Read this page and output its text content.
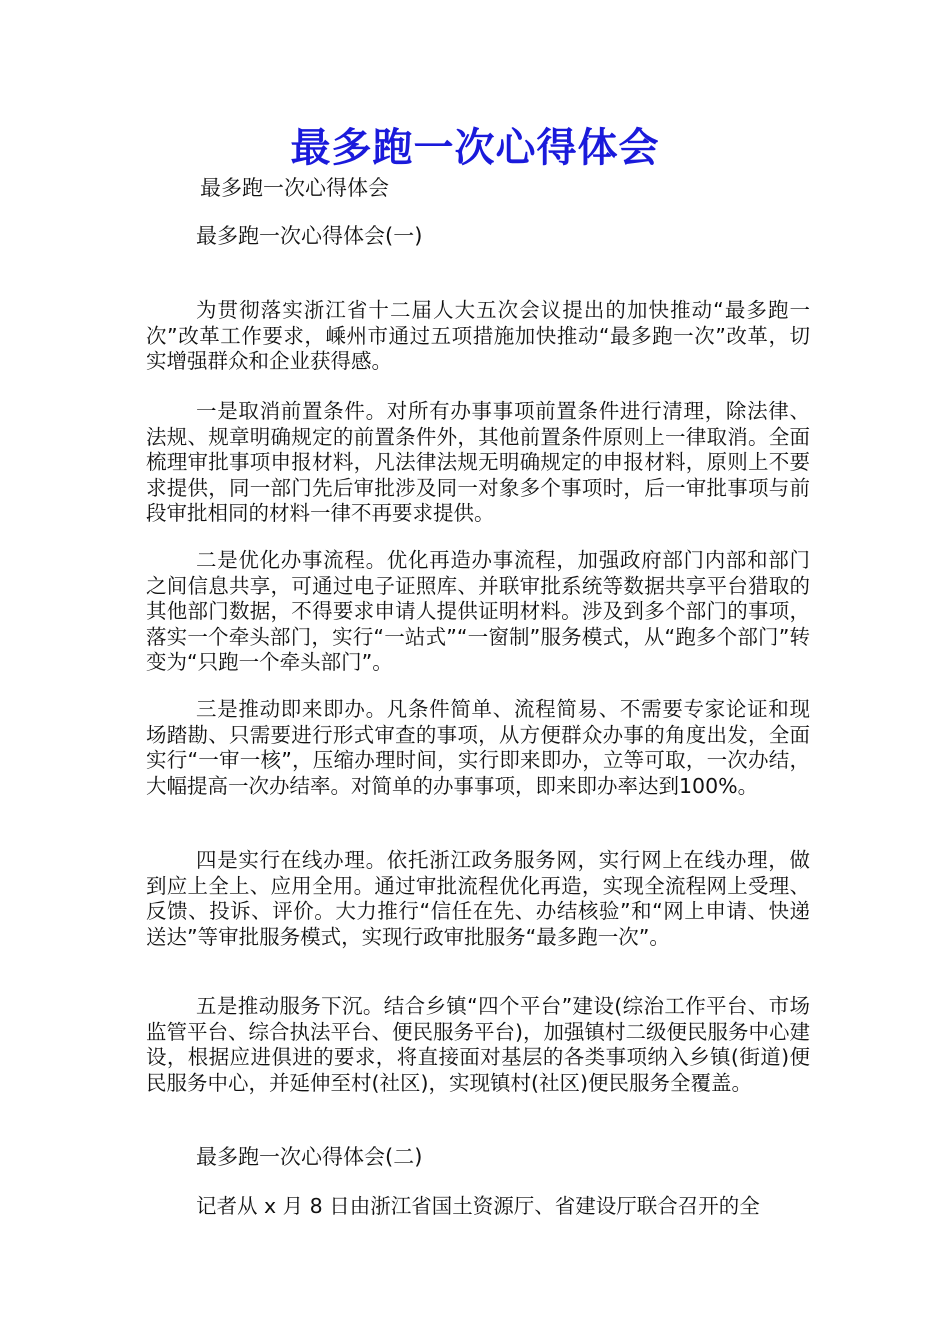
最多跑一次心得体会

最多跑一次心得体会

最多跑一次心得体会(一)

为贯彻落实浙江省十二届人大五次会议提出的加快推动“最多跑一次”改革工作要求，嵊州市通过五项措施加快推动“最多跑一次”改革，切实增强群众和企业获得感。

一是取消前置条件。对所有办事事项前置条件进行清理，除法律、法规、规章明确规定的前置条件外，其他前置条件原则上一律取消。全面梳理审批事项申报材料，凡法律法规无明确规定的申报材料，原则上不要求提供，同一部门先后审批涉及同一对象多个事项时，后一审批事项与前段审批相同的材料一律不再要求提供。

二是优化办事流程。优化再造办事流程，加强政府部门内部和部门之间信息共享，可通过电子证照库、并联审批系统等数据共享平台猎取的其他部门数据，不得要求申请人提供证明材料。涉及到多个部门的事项，落实一个牵头部门，实行“一站式”“一窗制”服务模式，从“跑多个部门”转变为“只跑一个牵头部门”。

三是推动即来即办。凡条件简单、流程简易、不需要专家论证和现场踏勘、只需要进行形式审查的事项，从方便群众办事的角度出发，全面实行“一审一核”，压缩办理时间，实行即来即办，立等可取，一次办结，大幅提高一次办结率。对简单的办事事项，即来即办率达到100%。

四是实行在线办理。依托浙江政务服务网，实行网上在线办理，做到应上全上、应用全用。通过审批流程优化再造，实现全流程网上受理、反馈、投诉、评价。大力推行“信任在先、办结核验”和“网上申请、快递送达”等审批服务模式，实现行政审批服务“最多跑一次”。

五是推动服务下沉。结合乡镇“四个平台”建设(综治工作平台、市场监管平台、综合执法平台、便民服务平台)，加强镇村二级便民服务中心建设，根据应进俱进的要求，将直接面对基层的各类事项纳入乡镇(街道)便民服务中心，并延伸至村(社区)，实现镇村(社区)便民服务全覆盖。

最多跑一次心得体会(二)

记者从 x 月 8 日由浙江省国土资源厅、省建设厅联合召开的全
